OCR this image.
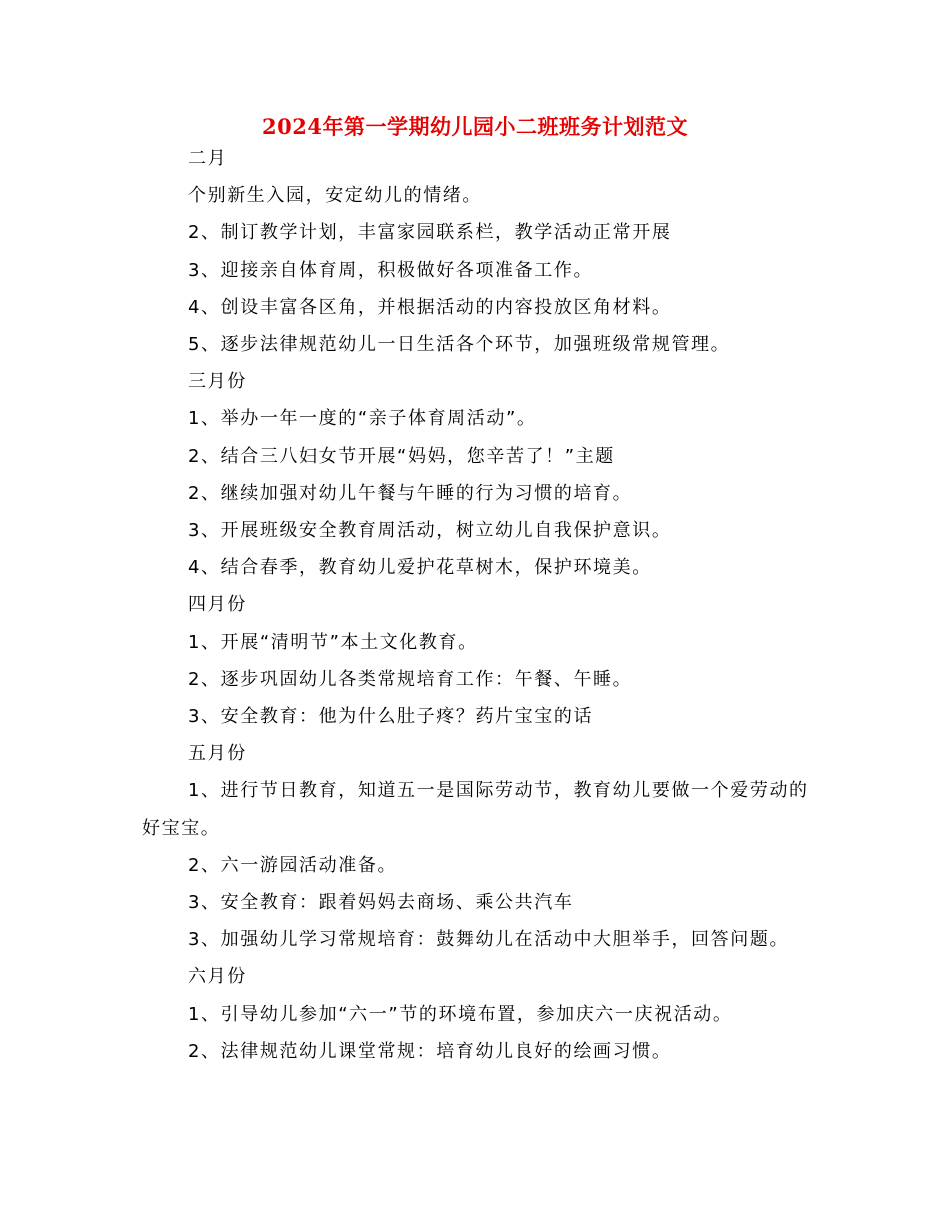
2024年第一学期幼儿园小二班班务计划范文

二月

个别新生入园，安定幼儿的情绪。

2、制订教学计划，丰富家园联系栏，教学活动正常开展

3、迎接亲自体育周，积极做好各项准备工作。

4、创设丰富各区角，并根据活动的内容投放区角材料。

5、逐步法律规范幼儿一日生活各个环节，加强班级常规管理。

三月份

1、举办一年一度的“亲子体育周活动”。

2、结合三八妇女节开展“妈妈，您辛苦了！”主题

2、继续加强对幼儿午餐与午睡的行为习惯的培育。

3、开展班级安全教育周活动，树立幼儿自我保护意识。

4、结合春季，教育幼儿爱护花草树木，保护环境美。

四月份

1、开展“清明节”本土文化教育。

2、逐步巩固幼儿各类常规培育工作：午餐、午睡。

3、安全教育：他为什么肚子疼？药片宝宝的话

五月份

1、进行节日教育，知道五一是国际劳动节，教育幼儿要做一个爱劳动的好宝宝。

2、六一游园活动准备。

3、安全教育：跟着妈妈去商场、乘公共汽车

3、加强幼儿学习常规培育：鼓舞幼儿在活动中大胆举手，回答问题。

六月份

1、引导幼儿参加“六一”节的环境布置，参加庆六一庆祝活动。

2、法律规范幼儿课堂常规：培育幼儿良好的绘画习惯。
